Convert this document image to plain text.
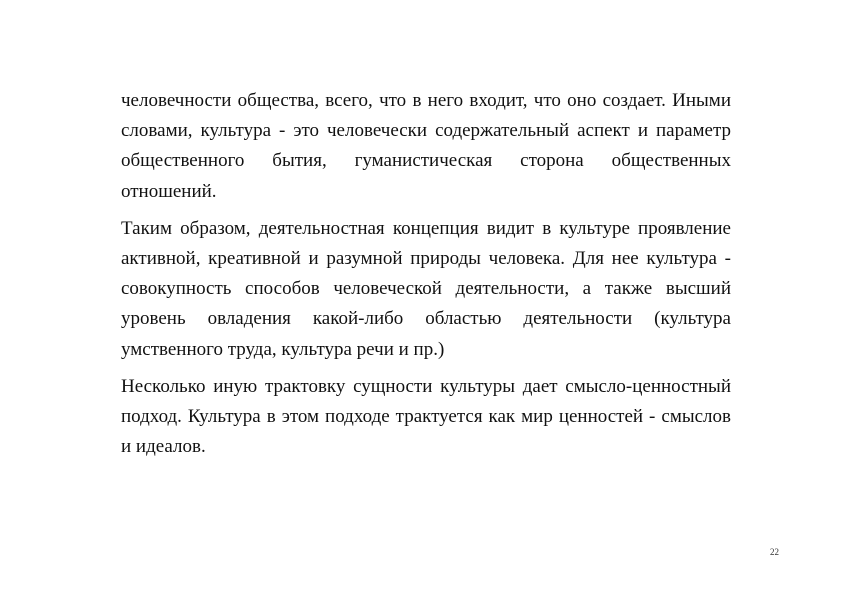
человечности общества, всего, что в него входит, что оно создает. Иными словами, культура - это человечески содержательный аспект и параметр общественного бытия, гуманистическая сторона общественных отношений.

Таким образом, деятельностная концепция видит в культуре проявление активной, креативной и разумной природы человека. Для нее культура - совокупность способов человеческой деятельности, а также высший уровень овладения какой-либо областью деятельности (культура умственного труда, культура речи и пр.)

Несколько иную трактовку сущности культуры дает смысло-ценностный подход. Культура в этом подходе трактуется как мир ценностей - смыслов и идеалов.

22
